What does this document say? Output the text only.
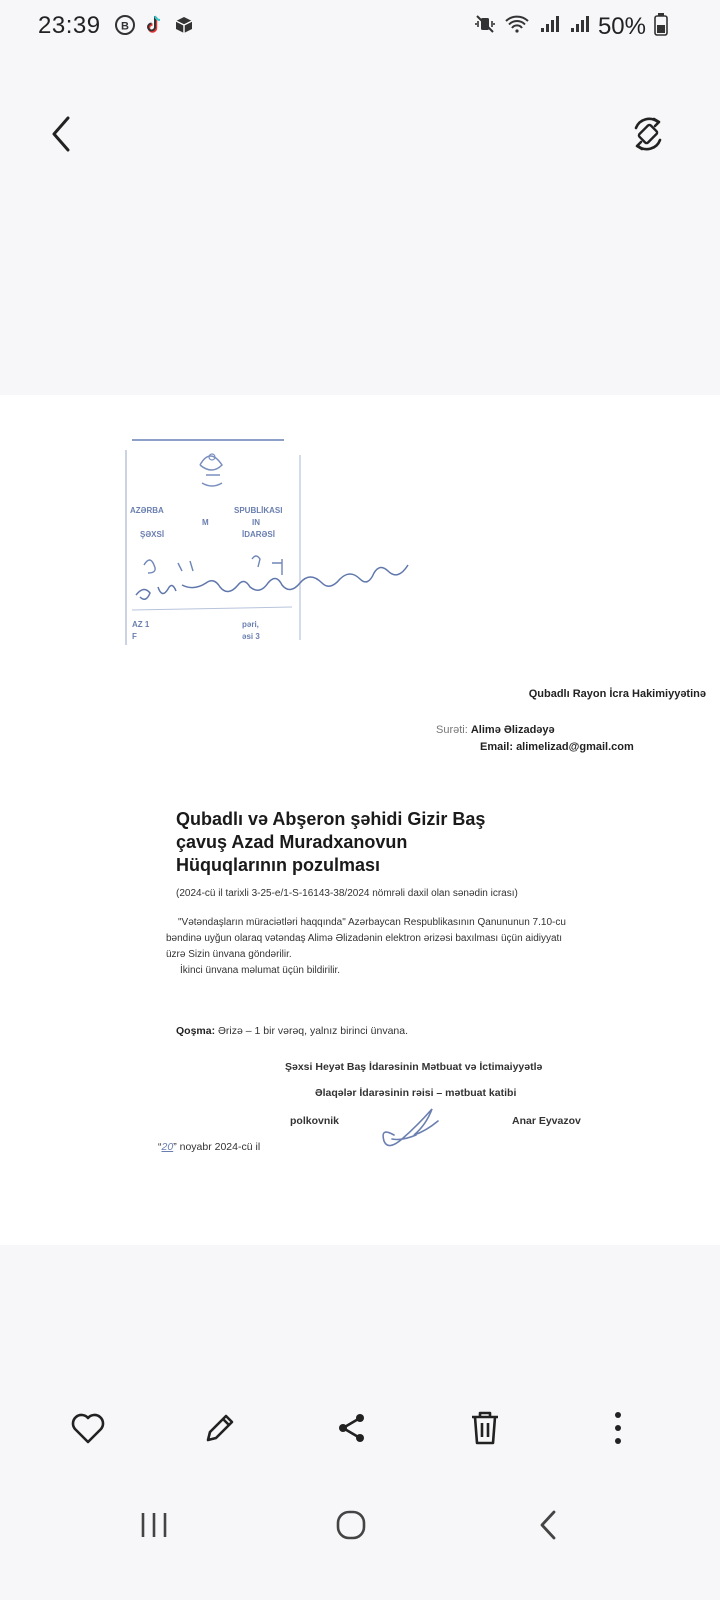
23:39 B	50%
AZƏRBA	SPUBLİKASI
M	IN
ŞƏXSİ	İDARƏSİ
AZ 1	pəri,
F	əsi 3
Qubadlı Rayon İcra Hakimiyyətinə
Surəti: Alimə Əlizadəyə
Email: alimelizad@gmail.com
Qubadlı və Abşeron şəhidi Gizir Baş
çavuş Azad Muradxanovun
Hüquqlarının pozulması
(2024-cü il tarixli 3-25-e/1-S-16143-38/2024 nömrəli daxil olan sənədin icrası)

"Vətəndaşların müraciətləri haqqında" Azərbaycan Respublikasının Qanununun 7.10-cu

bəndinə uyğun olaraq vətəndaş Alimə Əlizadənin elektron ərizəsi baxılması üçün aidiyyatı

üzrə Sizin ünvana göndərilir.

İkinci ünvana məlumat üçün bildirilir.

Qoşma: Ərizə – 1 bir vərəq, yalnız birinci ünvana.
Şəxsi Heyət Baş İdarəsinin Mətbuat və İctimaiyyətlə
Əlaqələr İdarəsinin rəisi – mətbuat katibi
polkovnik	Anar Eyvazov
“20” noyabr 2024-cü il
